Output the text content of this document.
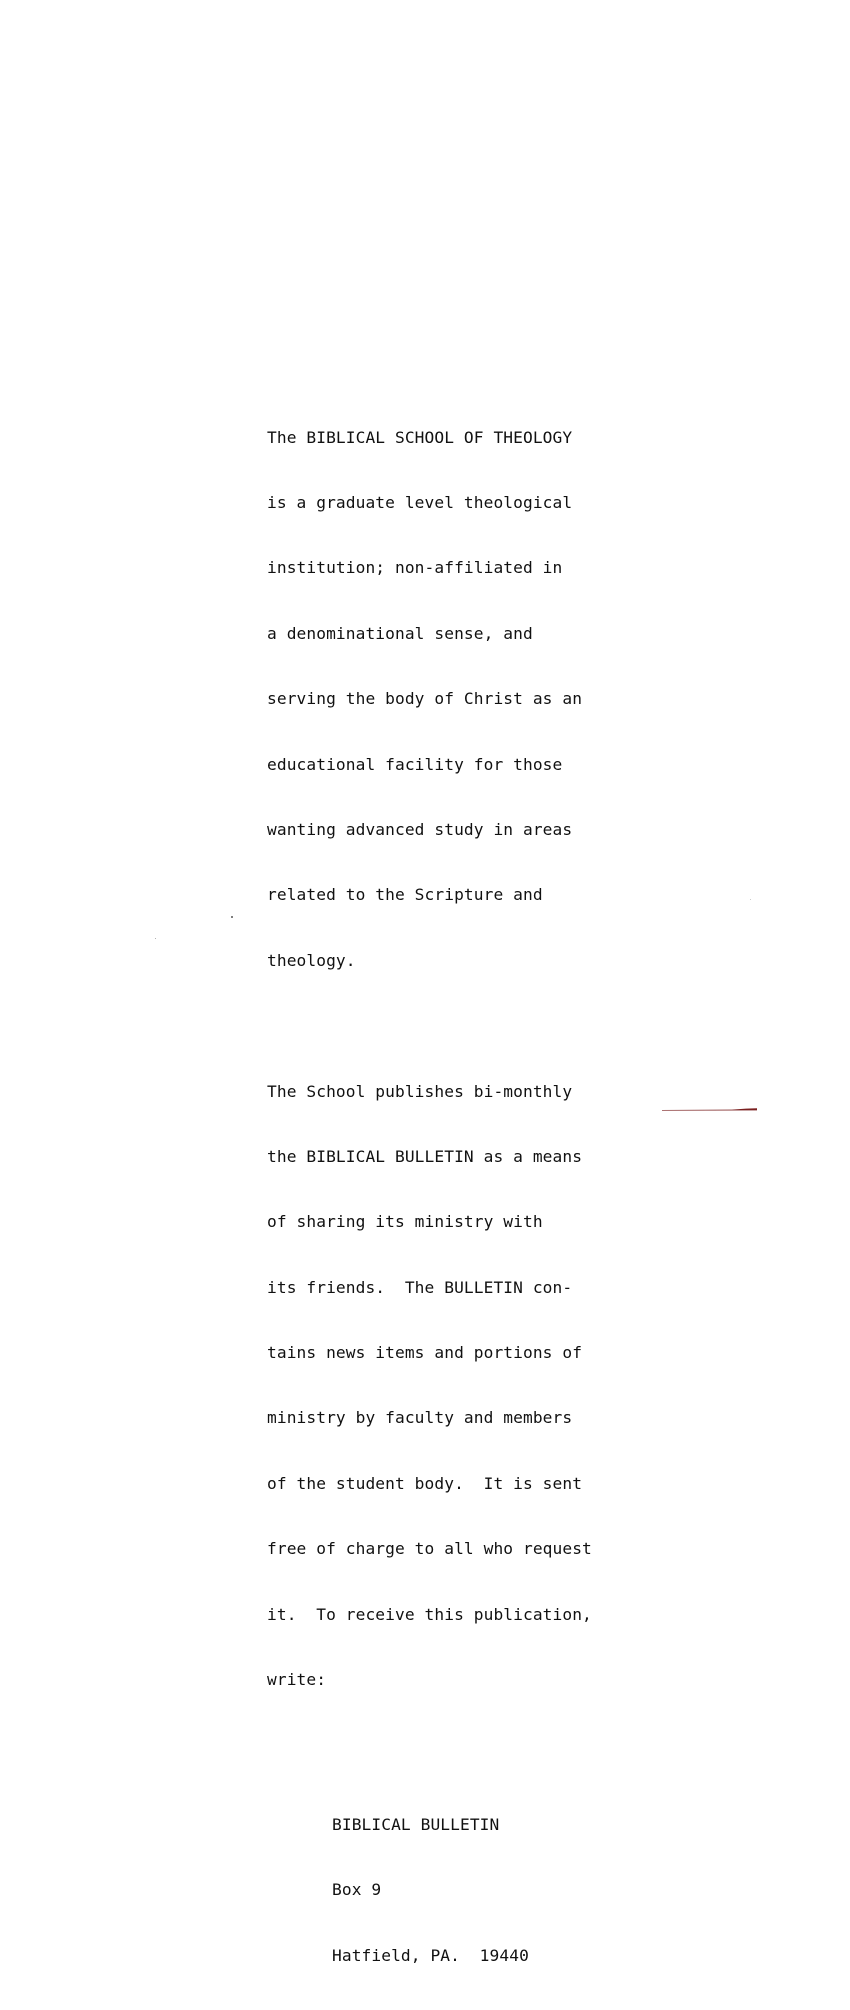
The BIBLICAL SCHOOL OF THEOLOGY

is a graduate level theological

institution; non-affiliated in

a denominational sense, and

serving the body of Christ as an

educational facility for those

wanting advanced study in areas

related to the Scripture and

theology.

The School publishes bi-monthly

the BIBLICAL BULLETIN as a means

of sharing its ministry with

its friends.  The BULLETIN con-

tains news items and portions of

ministry by faculty and members

of the student body.  It is sent

free of charge to all who request

it.  To receive this publication,

write:

BIBLICAL BULLETIN

Box 9

Hatfield, PA.  19440
